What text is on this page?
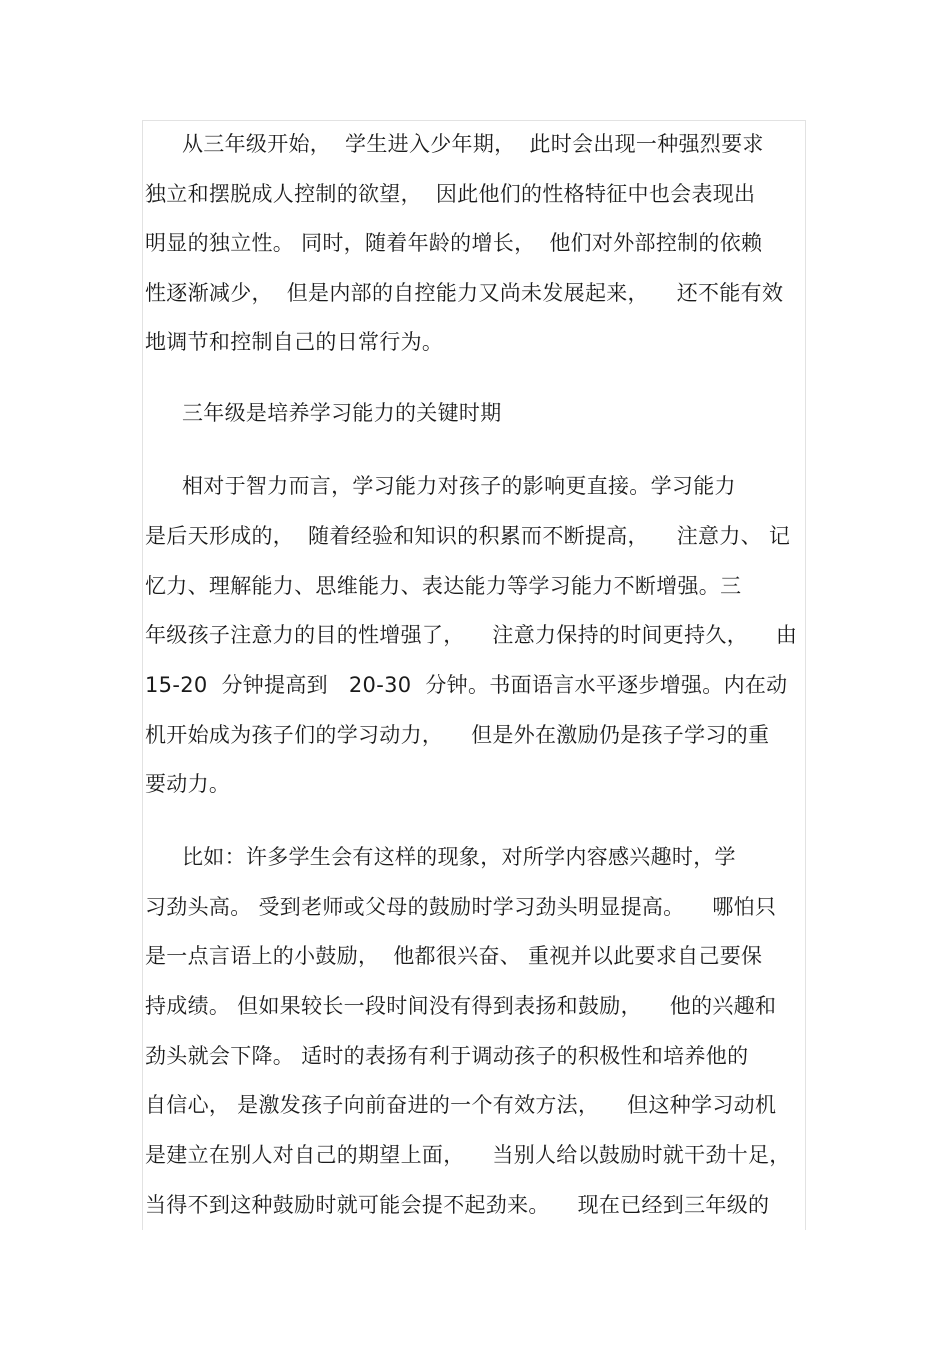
从三年级开始，  学生进入少年期，  此时会出现一种强烈要求
独立和摆脱成人控制的欲望，  因此他们的性格特征中也会表现出
明显的独立性。 同时，随着年龄的增长，  他们对外部控制的依赖
性逐渐减少，  但是内部的自控能力又尚未发展起来，    还不能有效
地调节和控制自己的日常行为。
三年级是培养学习能力的关键时期
相对于智力而言，学习能力对孩子的影响更直接。学习能力
是后天形成的，  随着经验和知识的积累而不断提高，    注意力、 记
忆力、理解能力、思维能力、表达能力等学习能力不断增强。三
年级孩子注意力的目的性增强了，    注意力保持的时间更持久，    由
15-20  分钟提高到   20-30  分钟。书面语言水平逐步增强。内在动
机开始成为孩子们的学习动力，    但是外在激励仍是孩子学习的重
要动力。
比如：许多学生会有这样的现象，对所学内容感兴趣时，学
习劲头高。 受到老师或父母的鼓励时学习劲头明显提高。    哪怕只
是一点言语上的小鼓励，  他都很兴奋、 重视并以此要求自己要保
持成绩。 但如果较长一段时间没有得到表扬和鼓励，    他的兴趣和
劲头就会下降。 适时的表扬有利于调动孩子的积极性和培养他的
自信心， 是激发孩子向前奋进的一个有效方法，    但这种学习动机
是建立在别人对自己的期望上面，    当别人给以鼓励时就干劲十足，
当得不到这种鼓励时就可能会提不起劲来。    现在已经到三年级的
